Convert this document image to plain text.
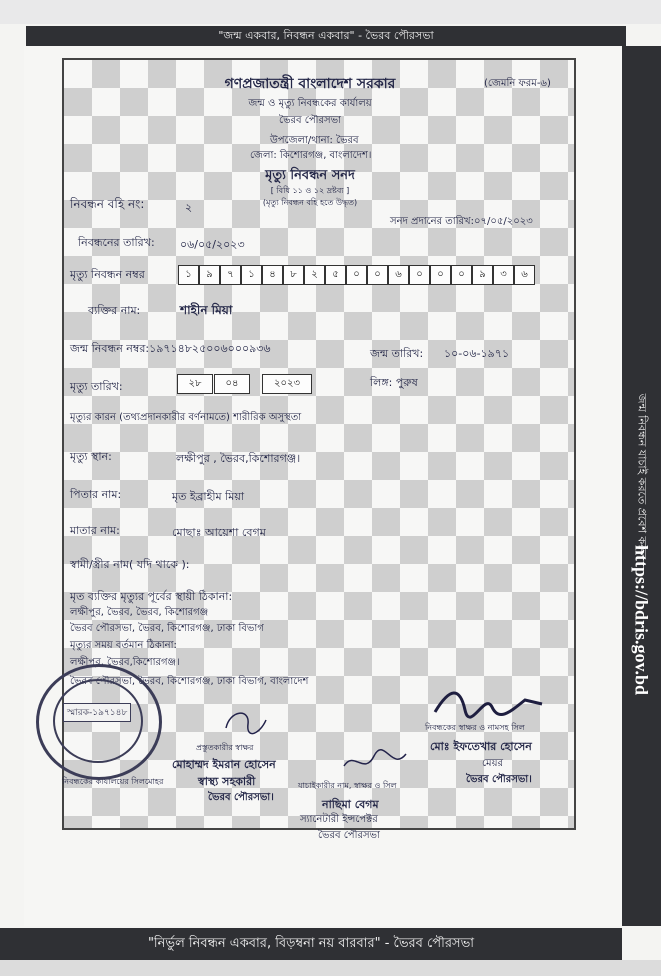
"জন্ম একবার, নিবন্ধন একবার" - ভৈরব পৌরসভা
জন্ম নিবন্ধন যাচাই করতে প্রবেশ করুন :
https://bdris.gov.bd
গণপ্রজাতন্ত্রী বাংলাদেশ সরকার	(জেমনি ফরম-৬)
জন্ম ও মৃত্যু নিবন্ধকের কার্যালয়
ভৈরব পৌরসভা
উপজেলা/থানা: ভৈরব
জেলা: কিশোরগঞ্জ, বাংলাদেশ।
মৃত্যু নিবন্ধন সনদ
[ বিধি ১১ ও ১২ দ্রষ্টব্য ]
(মৃত্যু নিবন্ধন বহি হতে উদ্ধৃত)
নিবন্ধন বহি নং:	২
সনদ প্রদানের তারিখ:০৭/০৫/২০২৩
নিবন্ধনের তারিখ: ০৬/০৫/২০২৩
মৃত্যু নিবন্ধন নম্বর	১	৯	৭	১	৪	৮	২	৫	০	০	৬	০	০	০	৯	৩	৬
ব্যক্তির নাম:	শাহীন মিয়া
জন্ম নিবন্ধন নম্বর:১৯৭১৪৮২৫০০৬০০০৯৩৬	জন্ম তারিখ: ১০-০৬-১৯৭১
মৃত্যু তারিখ:	২৮	০৪	২০২৩	লিঙ্গ: পুরুষ
মৃত্যুর কারন (তথ্যপ্রদানকারীর বর্ণনামতে) শারীরিক অসুস্থতা
মৃত্যু স্থান:	লক্ষীপুর , ভৈরব,কিশোরগঞ্জ।
পিতার নাম:	মৃত ইব্রাহীম মিয়া
মাতার নাম:	মোছাঃ আয়েশা বেগম
স্বামী/স্ত্রীর নাম( যদি থাকে ):
মৃত ব্যক্তির মৃত্যুর পূর্বের স্থায়ী ঠিকানা:
লক্ষীপুর, ভৈরব, ভৈরব, কিশোরগঞ্জ
ভৈরব পৌরসভা, ভৈরব, কিশোরগঞ্জ, ঢাকা বিভাগ
মৃত্যুর সময় বর্তমান ঠিকানা:
লক্ষীপুর, ভৈরব,কিশোরগঞ্জ।
ভৈরব পৌরসভা, ভৈরব, কিশোরগঞ্জ, ঢাকা বিভাগ, বাংলাদেশ
নিবন্ধকের স্বাক্ষর ও নামসহ সিল
মোঃ ইফতেখার হোসেন
মেয়র
ভৈরব পৌরসভা।
প্রস্তুতকারীর স্বাক্ষর
মোহাম্মদ ইমরান হোসেন
স্বাস্থ্য সহকারী
ভৈরব পৌরসভা।
নিবন্ধকের কার্যালয়ের সিলমোহর	যাচাইকারীর নাম, স্বাক্ষর ও সিল
নাছিমা বেগম
স্যানেটারী ইন্সপেক্টর
ভৈরব পৌরসভা
স্মারক-১৯৭১৪৮
"নির্ভুল নিবন্ধন একবার, বিড়ম্বনা নয় বারবার" - ভৈরব পৌরসভা
